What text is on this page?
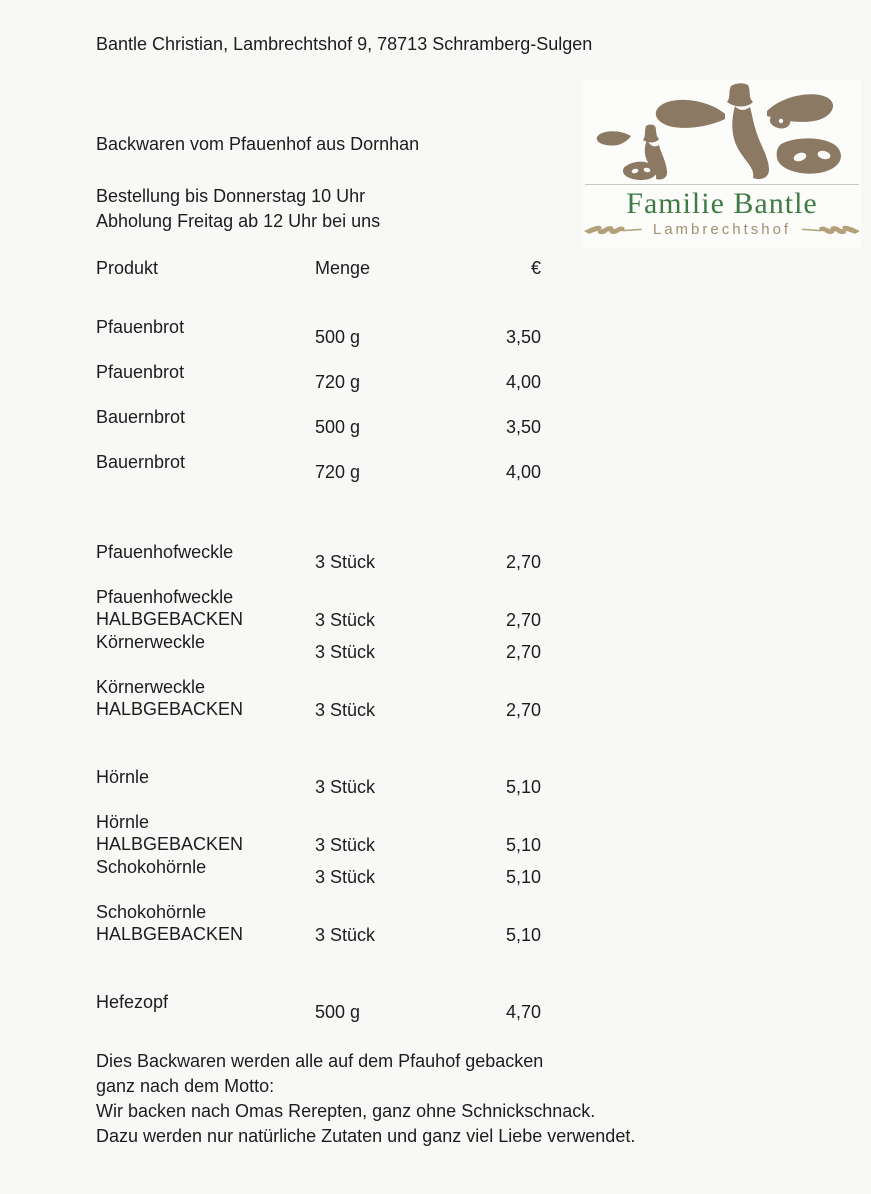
Bantle Christian, Lambrechtshof 9, 78713 Schramberg-Sulgen
Familie Bantle
Lambrechtshof
Backwaren vom Pfauenhof aus Dornhan
Bestellung bis Donnerstag 10 Uhr
Abholung Freitag ab 12 Uhr bei uns
Produkt	Menge	€
Pfauenbrot	500 g	3,50
Pfauenbrot	720 g	4,00
Bauernbrot	500 g	3,50
Bauernbrot	720 g	4,00
Pfauenhofweckle	3 Stück	2,70
Pfauenhofweckle
HALBGEBACKEN	3 Stück	2,70
Körnerweckle	3 Stück	2,70
Körnerweckle
HALBGEBACKEN	3 Stück	2,70
Hörnle	3 Stück	5,10
Hörnle
HALBGEBACKEN	3 Stück	5,10
Schokohörnle	3 Stück	5,10
Schokohörnle
HALBGEBACKEN	3 Stück	5,10
Hefezopf	500 g	4,70
Dies Backwaren werden alle auf dem Pfauhof gebacken
ganz nach dem Motto:
Wir backen nach Omas Rerepten, ganz ohne Schnickschnack.
Dazu werden nur natürliche Zutaten und ganz viel Liebe verwendet.
